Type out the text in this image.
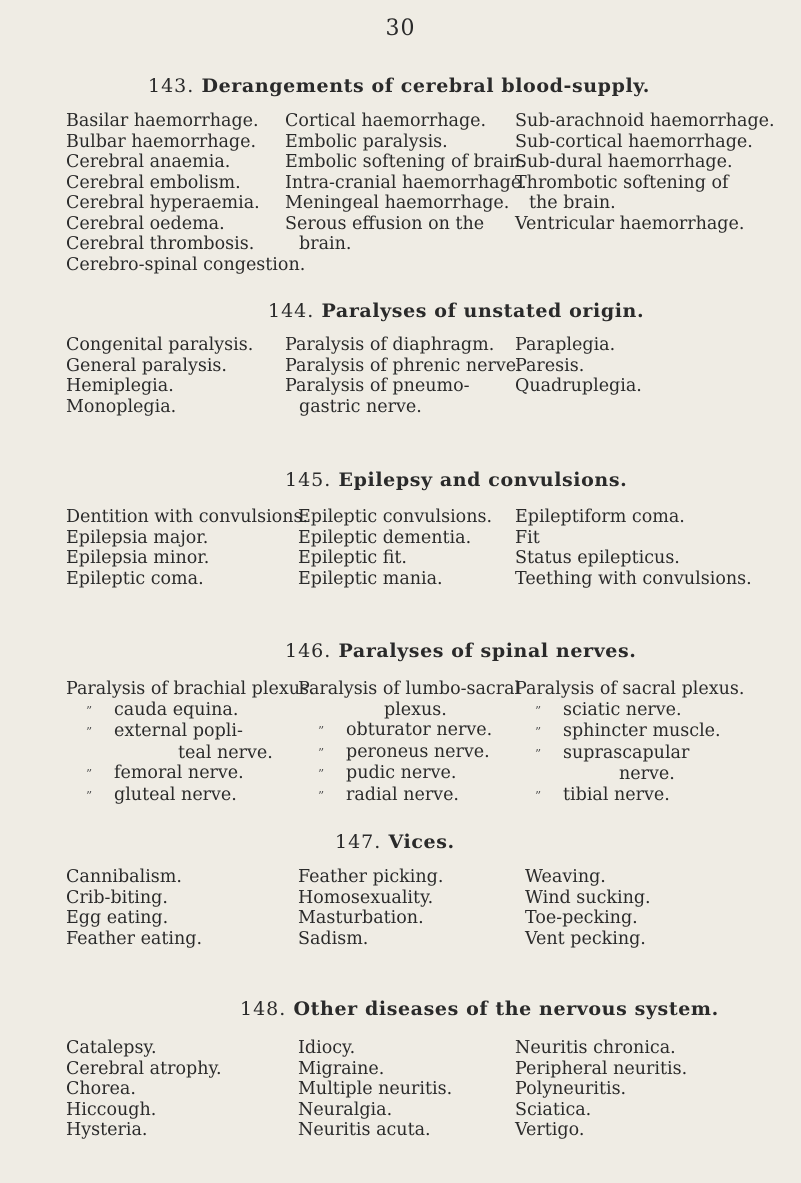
30
143. Derangements of cerebral blood-supply.
Basilar haemorrhage.
Bulbar haemorrhage.
Cerebral anaemia.
Cerebral embolism.
Cerebral hyperaemia.
Cerebral oedema.
Cerebral thrombosis.
Cerebro-spinal congestion.
Cortical haemorrhage.
Embolic paralysis.
Embolic softening of brain.
Intra-cranial haemorrhage.
Meningeal haemorrhage.
Serous effusion on the
brain.
Sub-arachnoid haemorrhage.
Sub-cortical haemorrhage.
Sub-dural haemorrhage.
Thrombotic softening of
the brain.
Ventricular haemorrhage.
144. Paralyses of unstated origin.
Congenital paralysis.
General paralysis.
Hemiplegia.
Monoplegia.
Paralysis of diaphragm.
Paralysis of phrenic nerve.
Paralysis of pneumo-
gastric nerve.
Paraplegia.
Paresis.
Quadruplegia.
145. Epilepsy and convulsions.
Dentition with convulsions.
Epilepsia major.
Epilepsia minor.
Epileptic coma.
Epileptic convulsions.
Epileptic dementia.
Epileptic fit.
Epileptic mania.
Epileptiform coma.
Fit
Status epilepticus.
Teething with convulsions.
146. Paralyses of spinal nerves.
Paralysis of brachial plexus.
” cauda equina.
” external popli-
teal nerve.
” femoral nerve.
” gluteal nerve.
Paralysis of lumbo-sacral
plexus.
” obturator nerve.
” peroneus nerve.
” pudic nerve.
” radial nerve.
Paralysis of sacral plexus.
” sciatic nerve.
” sphincter muscle.
” suprascapular
nerve.
” tibial nerve.
147. Vices.
Cannibalism.
Crib-biting.
Egg eating.
Feather eating.
Feather picking.
Homosexuality.
Masturbation.
Sadism.
Weaving.
Wind sucking.
Toe-pecking.
Vent pecking.
148. Other diseases of the nervous system.
Catalepsy.
Cerebral atrophy.
Chorea.
Hiccough.
Hysteria.
Idiocy.
Migraine.
Multiple neuritis.
Neuralgia.
Neuritis acuta.
Neuritis chronica.
Peripheral neuritis.
Polyneuritis.
Sciatica.
Vertigo.
